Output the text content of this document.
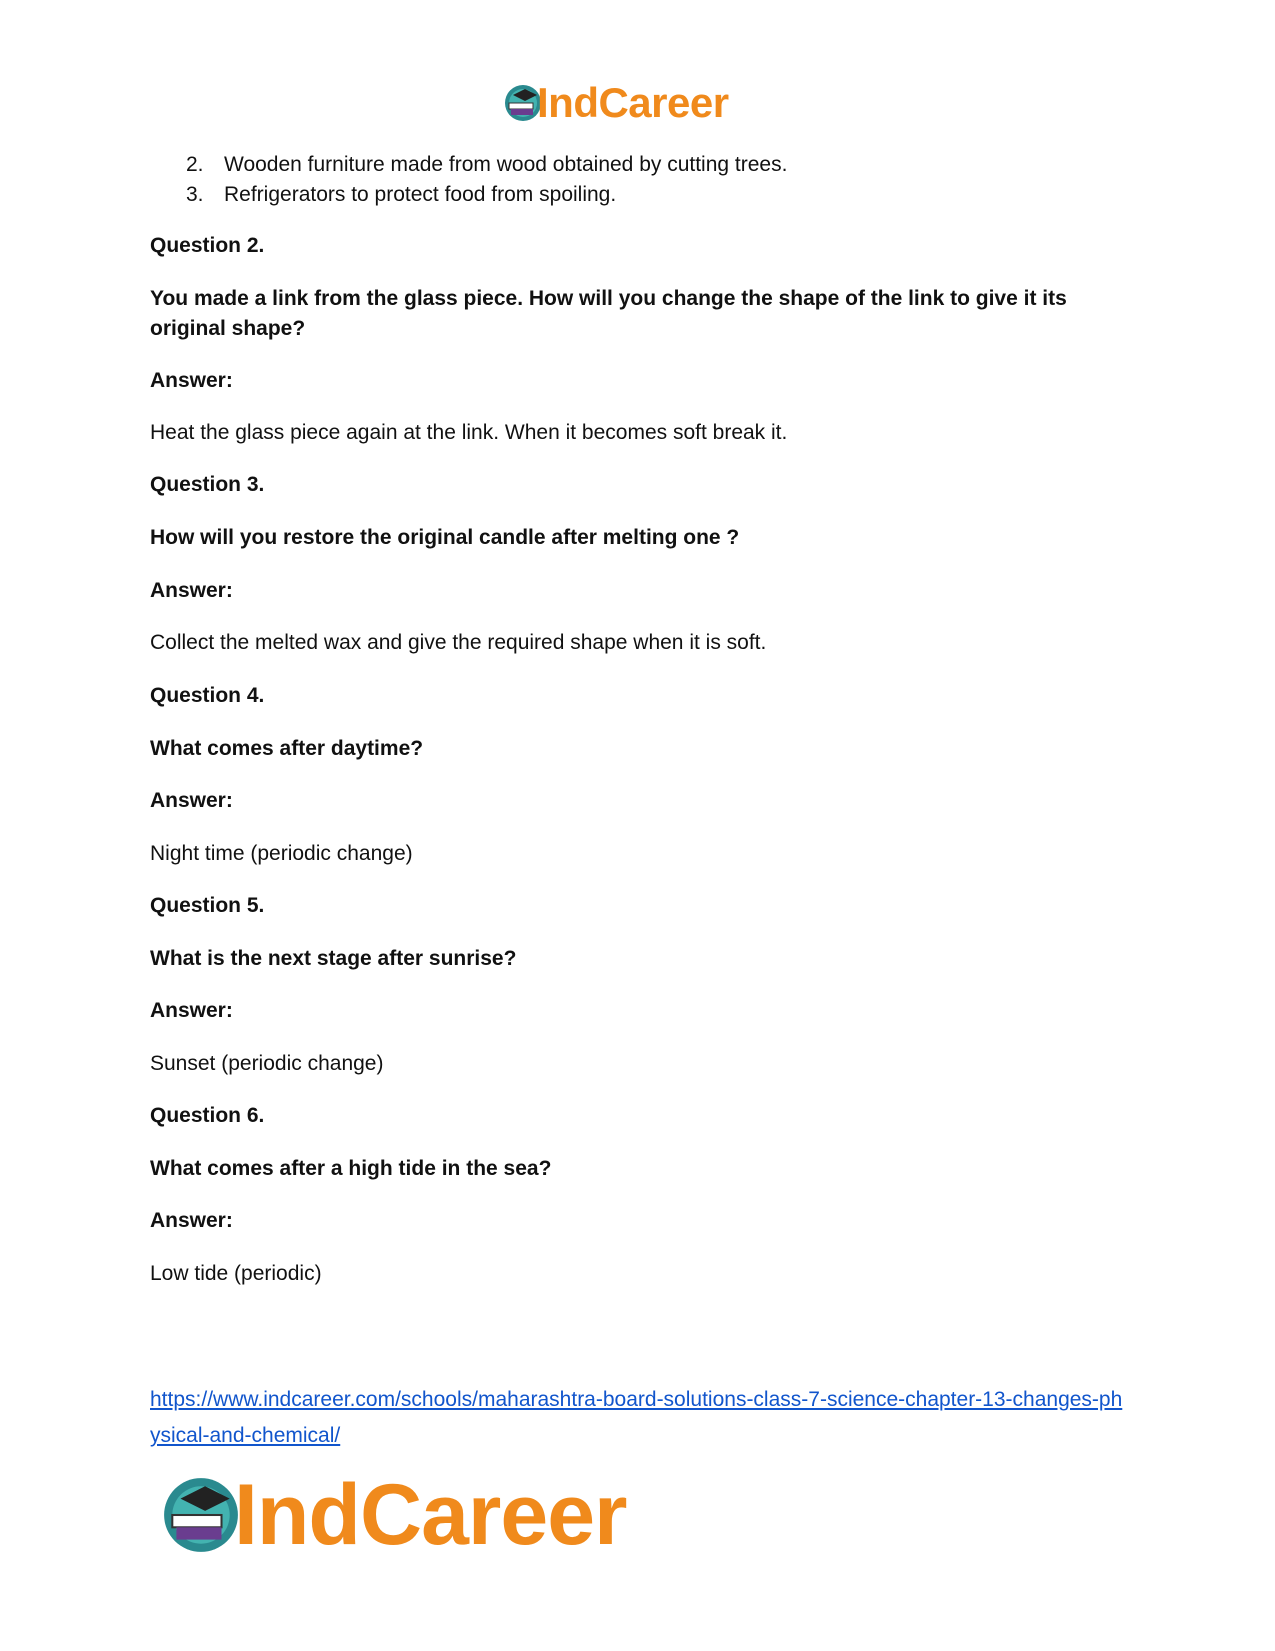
IndCareer
2. Wooden furniture made from wood obtained by cutting trees.
3. Refrigerators to protect food from spoiling.
Question 2.
You made a link from the glass piece. How will you change the shape of the link to give it its original shape?
Answer:
Heat the glass piece again at the link. When it becomes soft break it.
Question 3.
How will you restore the original candle after melting one ?
Answer:
Collect the melted wax and give the required shape when it is soft.
Question 4.
What comes after daytime?
Answer:
Night time (periodic change)
Question 5.
What is the next stage after sunrise?
Answer:
Sunset (periodic change)
Question 6.
What comes after a high tide in the sea?
Answer:
Low tide (periodic)
https://www.indcareer.com/schools/maharashtra-board-solutions-class-7-science-chapter-13-changes-physical-and-chemical/
IndCareer
